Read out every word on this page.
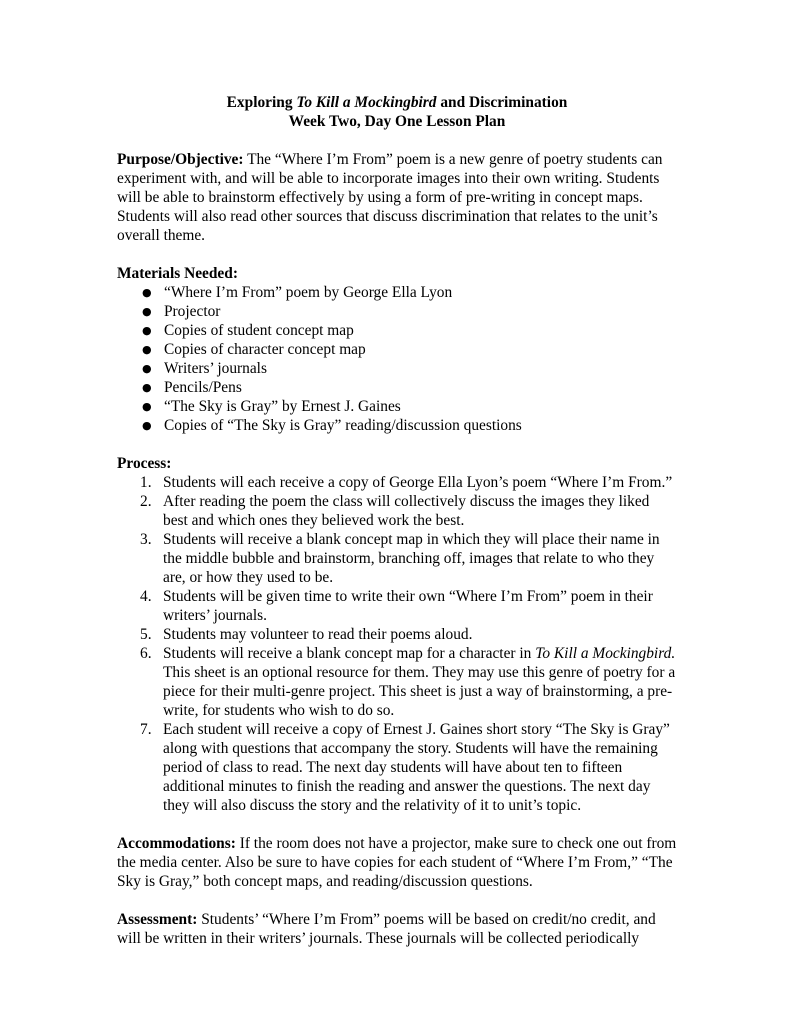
Exploring To Kill a Mockingbird and Discrimination
Week Two, Day One Lesson Plan

Purpose/Objective: The “Where I’m From” poem is a new genre of poetry students can experiment with, and will be able to incorporate images into their own writing. Students will be able to brainstorm effectively by using a form of pre-writing in concept maps. Students will also read other sources that discuss discrimination that relates to the unit’s overall theme.

Materials Needed:
● “Where I’m From” poem by George Ella Lyon
● Projector
● Copies of student concept map
● Copies of character concept map
● Writers’ journals
● Pencils/Pens
● “The Sky is Gray” by Ernest J. Gaines
● Copies of “The Sky is Gray” reading/discussion questions
Process:
1. Students will each receive a copy of George Ella Lyon’s poem “Where I’m From.”
2. After reading the poem the class will collectively discuss the images they liked best and which ones they believed work the best.
3. Students will receive a blank concept map in which they will place their name in the middle bubble and brainstorm, branching off, images that relate to who they are, or how they used to be.
4. Students will be given time to write their own “Where I’m From” poem in their writers’ journals.
5. Students may volunteer to read their poems aloud.
6. Students will receive a blank concept map for a character in To Kill a Mockingbird. This sheet is an optional resource for them. They may use this genre of poetry for a piece for their multi-genre project. This sheet is just a way of brainstorming, a pre-write, for students who wish to do so.
7. Each student will receive a copy of Ernest J. Gaines short story “The Sky is Gray” along with questions that accompany the story. Students will have the remaining period of class to read. The next day students will have about ten to fifteen additional minutes to finish the reading and answer the questions. The next day they will also discuss the story and the relativity of it to unit’s topic.

Accommodations: If the room does not have a projector, make sure to check one out from the media center. Also be sure to have copies for each student of “Where I’m From,” “The Sky is Gray,” both concept maps, and reading/discussion questions.

Assessment: Students’ “Where I’m From” poems will be based on credit/no credit, and will be written in their writers’ journals. These journals will be collected periodically
